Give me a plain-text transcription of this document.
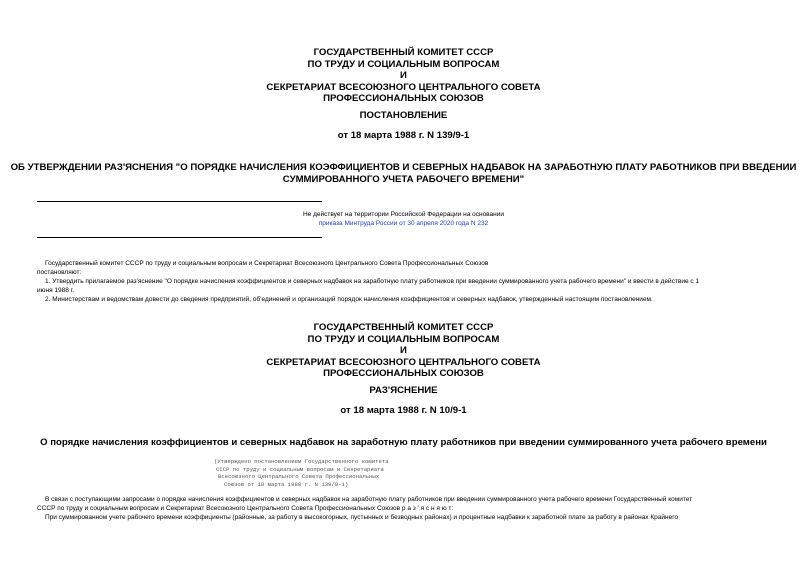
ГОСУДАРСТВЕННЫЙ КОМИТЕТ СССР
ПО ТРУДУ И СОЦИАЛЬНЫМ ВОПРОСАМ
И
СЕКРЕТАРИАТ ВСЕСОЮЗНОГО ЦЕНТРАЛЬНОГО СОВЕТА
ПРОФЕССИОНАЛЬНЫХ СОЮЗОВ
ПОСТАНОВЛЕНИЕ
от 18 марта 1988 г. N 139/9-1
ОБ УТВЕРЖДЕНИИ РАЗ'ЯСНЕНИЯ "О ПОРЯДКЕ НАЧИСЛЕНИЯ КОЭФФИЦИЕНТОВ И СЕВЕРНЫХ НАДБАВОК НА ЗАРАБОТНУЮ ПЛАТУ РАБОТНИКОВ ПРИ ВВЕДЕНИИ
СУММИРОВАННОГО УЧЕТА РАБОЧЕГО ВРЕМЕНИ"
Не действует на территории Российской Федерации на основании
приказа Минтруда России от 30 апреля 2020 года N 232
Государственный комитет СССР по труду и социальным вопросам и Секретариат Всесоюзного Центрального Совета Профессиональных Союзов
постановляют:
1. Утвердить прилагаемое раз'яснение "О порядке начисления коэффициентов и северных надбавок на заработную плату работников при введении суммированного учета рабочего времени" и ввести в действие с 1
июня 1988 г.
2. Министерствам и ведомствам довести до сведения предприятий, об'единений и организаций порядок начисления коэффициентов и северных надбавок, утвержденный настоящим постановлением.
ГОСУДАРСТВЕННЫЙ КОМИТЕТ СССР
ПО ТРУДУ И СОЦИАЛЬНЫМ ВОПРОСАМ
И
СЕКРЕТАРИАТ ВСЕСОЮЗНОГО ЦЕНТРАЛЬНОГО СОВЕТА
ПРОФЕССИОНАЛЬНЫХ СОЮЗОВ
РАЗ'ЯСНЕНИЕ
от 18 марта 1988 г. N 10/9-1
О порядке начисления коэффициентов и северных надбавок на заработную плату работников при введении суммированного учета рабочего времени
(Утверждено постановлением Государственного комитета
СССР по труду и социальным вопросам и Секретариата
Всесоюзного Центрального Совета Профессиональных
Союзов от 18 марта 1988 г. N 139/9-1)
В связи с поступающими запросами о порядке начисления коэффициентов и северных надбавок на заработную плату работников при введении суммированного учета рабочего времени Государственный комитет
СССР по труду и социальным вопросам и Секретариат Всесоюзного Центрального Совета Профессиональных Союзов р а з ' я с н я ю т:
При суммированном учете рабочего времени коэффициенты (районные, за работу в высокогорных, пустынных и безводных районах) и процентные надбавки к заработной плате за работу в районах Крайнего
